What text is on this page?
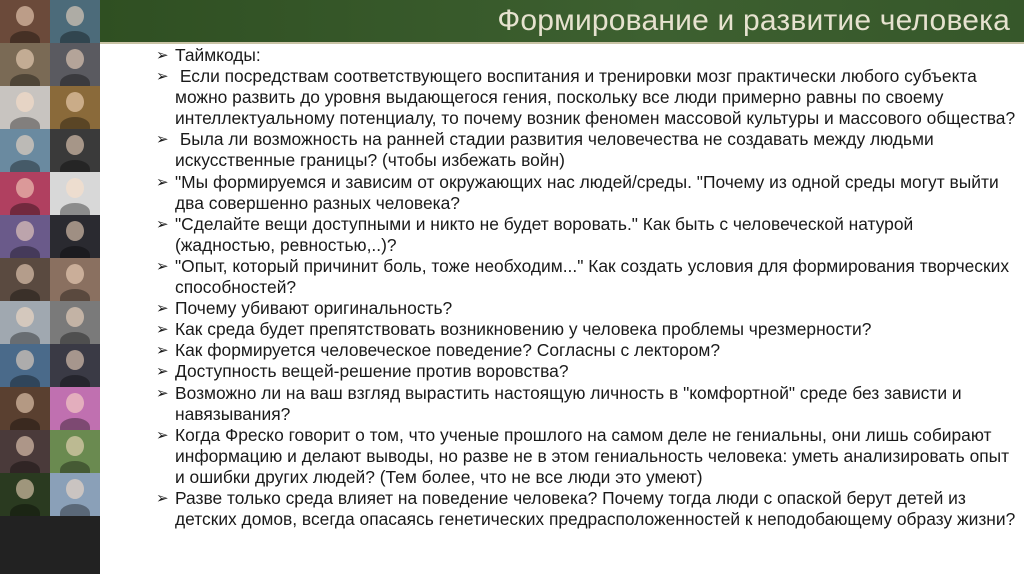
Формирование и развитие человека
➢ Таймкоды:
➢ Если посредствам соответствующего воспитания и тренировки мозг практически любого субъекта можно развить до уровня выдающегося гения, поскольку все люди примерно равны по своему интеллектуальному потенциалу, то почему возник феномен массовой культуры и массового общества?
➢ Была ли возможность на ранней стадии развития человечества не создавать между людьми искусственные границы? (чтобы избежать войн)
➢ "Мы формируемся и зависим от окружающих нас людей/среды. "Почему из одной среды могут выйти два совершенно разных человека?
➢ "Сделайте вещи доступными и никто не будет воровать." Как быть с человеческой натурой (жадностью, ревностью,..)?
➢ "Опыт, который причинит боль, тоже необходим..." Как создать условия для формирования творческих способностей?
➢ Почему убивают оригинальность?
➢ Как среда будет препятствовать возникновению у человека проблемы чрезмерности?
➢ Как формируется человеческое поведение? Согласны с лектором?
➢ Доступность вещей-решение против воровства?
➢ Возможно ли на ваш взгляд вырастить настоящую личность в "комфортной" среде без зависти и навязывания?
➢ Когда Фреско говорит о том, что ученые прошлого на самом деле не гениальны, они лишь собирают информацию и делают выводы, но разве не в этом гениальность человека: уметь анализировать опыт и ошибки других людей? (Тем более, что не все люди это умеют)
➢ Разве только среда влияет на поведение человека? Почему тогда люди с опаской берут детей из детских домов, всегда опасаясь генетических предрасположенностей к неподобающему образу жизни?
